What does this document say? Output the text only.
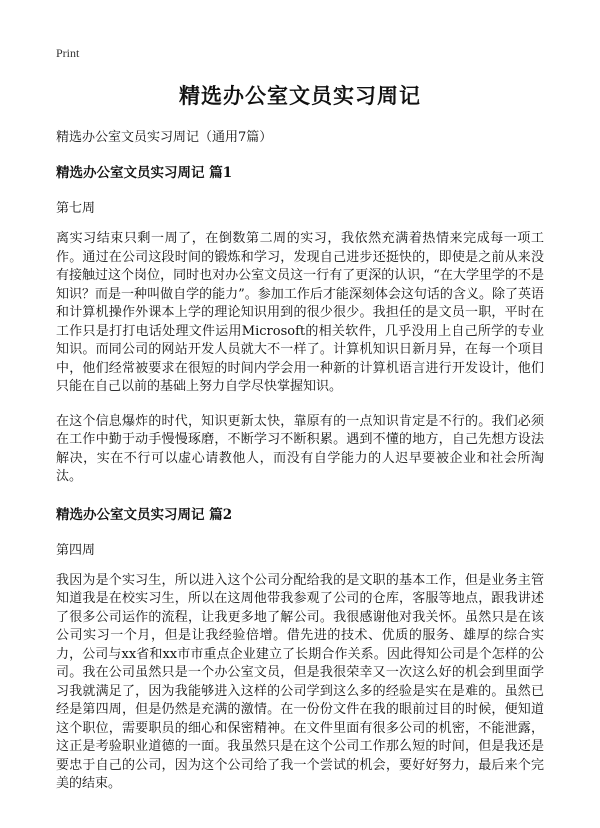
Print
精选办公室文员实习周记
精选办公室文员实习周记（通用7篇）
精选办公室文员实习周记 篇1
第七周

离实习结束只剩一周了，在倒数第二周的实习，我依然充满着热情来完成每一项工作。通过在公司这段时间的锻炼和学习，发现自己进步还挺快的，即使是之前从来没有接触过这个岗位，同时也对办公室文员这一行有了更深的认识，“在大学里学的不是知识？而是一种叫做自学的能力”。参加工作后才能深刻体会这句话的含义。除了英语和计算机操作外课本上学的理论知识用到的很少很少。我担任的是文员一职，平时在工作只是打打电话处理文件运用Microsoft的相关软件，几乎没用上自己所学的专业知识。而同公司的网站开发人员就大不一样了。计算机知识日新月异，在每一个项目中，他们经常被要求在很短的时间内学会用一种新的计算机语言进行开发设计，他们只能在自己以前的基础上努力自学尽快掌握知识。

在这个信息爆炸的时代，知识更新太快，靠原有的一点知识肯定是不行的。我们必须在工作中勤于动手慢慢琢磨，不断学习不断积累。遇到不懂的地方，自己先想方设法解决，实在不行可以虚心请教他人，而没有自学能力的人迟早要被企业和社会所淘汰。

精选办公室文员实习周记 篇2
第四周

我因为是个实习生，所以进入这个公司分配给我的是文职的基本工作，但是业务主管知道我是在校实习生，所以在这周他带我参观了公司的仓库，客服等地点，跟我讲述了很多公司运作的流程，让我更多地了解公司。我很感谢他对我关怀。虽然只是在该公司实习一个月，但是让我经验倍增。借先进的技术、优质的服务、雄厚的综合实力，公司与xx省和xx市市重点企业建立了长期合作关系。因此得知公司是个怎样的公司。我在公司虽然只是一个办公室文员，但是我很荣幸又一次这么好的机会到里面学习我就满足了，因为我能够进入这样的公司学到这么多的经验是实在是难的。虽然已经是第四周，但是仍然是充满的激情。在一份份文件在我的眼前过目的时候，便知道这个职位，需要职员的细心和保密精神。在文件里面有很多公司的机密，不能泄露，这正是考验职业道德的一面。我虽然只是在这个公司工作那么短的时间，但是我还是要忠于自己的公司，因为这个公司给了我一个尝试的机会，要好好努力，最后来个完美的结束。
